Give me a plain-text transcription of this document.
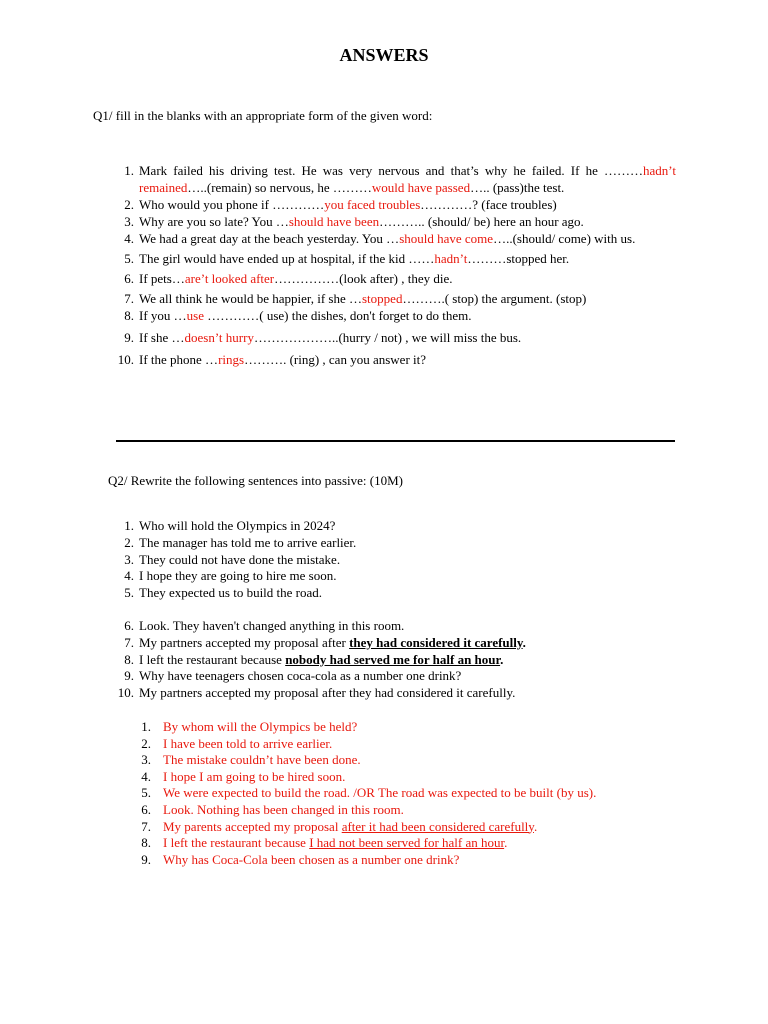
ANSWERS
Q1/ fill in the blanks with an appropriate form of the given word:
1. Mark failed his driving test. He was very nervous and that’s why he failed. If he ………hadn’t remained…..(remain) so nervous, he ………would have passed….. (pass)the test.
2. Who would you phone if …………you faced troubles…………? (face troubles)
3. Why are you so late? You …should have been……….. (should/ be) here an hour ago.
4. We had a great day at the beach yesterday. You …should have come…..(should/ come) with us.
5. The girl would have ended up at hospital, if the kid ……hadn’t………stopped her.
6. If pets…are’t looked after……………(look after) , they die.
7. We all think he would be happier, if she …stopped……….( stop) the argument. (stop)
8. If you …use …………( use) the dishes, don't forget to do them.
9. If she …doesn’t hurry………………..(hurry / not) , we will miss the bus.
10. If the phone …rings………. (ring) , can you answer it?
Q2/ Rewrite the following sentences into passive: (10M)
1. Who will hold the Olympics in 2024?
2. The manager has told me to arrive earlier.
3. They could not have done the mistake.
4. I hope they are going to hire me soon.
5. They expected us to build the road.
6. Look. They haven't changed anything in this room.
7. My partners accepted my proposal after they had considered it carefully.
8. I left the restaurant because nobody had served me for half an hour.
9. Why have teenagers chosen coca-cola as a number one drink?
10. My partners accepted my proposal after they had considered it carefully.
1. By whom will the Olympics be held?
2. I have been told to arrive earlier.
3. The mistake couldn’t have been done.
4. I hope I am going to be hired soon.
5. We were expected to build the road. /OR The road was expected to be built (by us).
6. Look. Nothing has been changed in this room.
7. My parents accepted my proposal after it had been considered carefully.
8. I left the restaurant because I had not been served for half an hour.
9. Why has Coca-Cola been chosen as a number one drink?
